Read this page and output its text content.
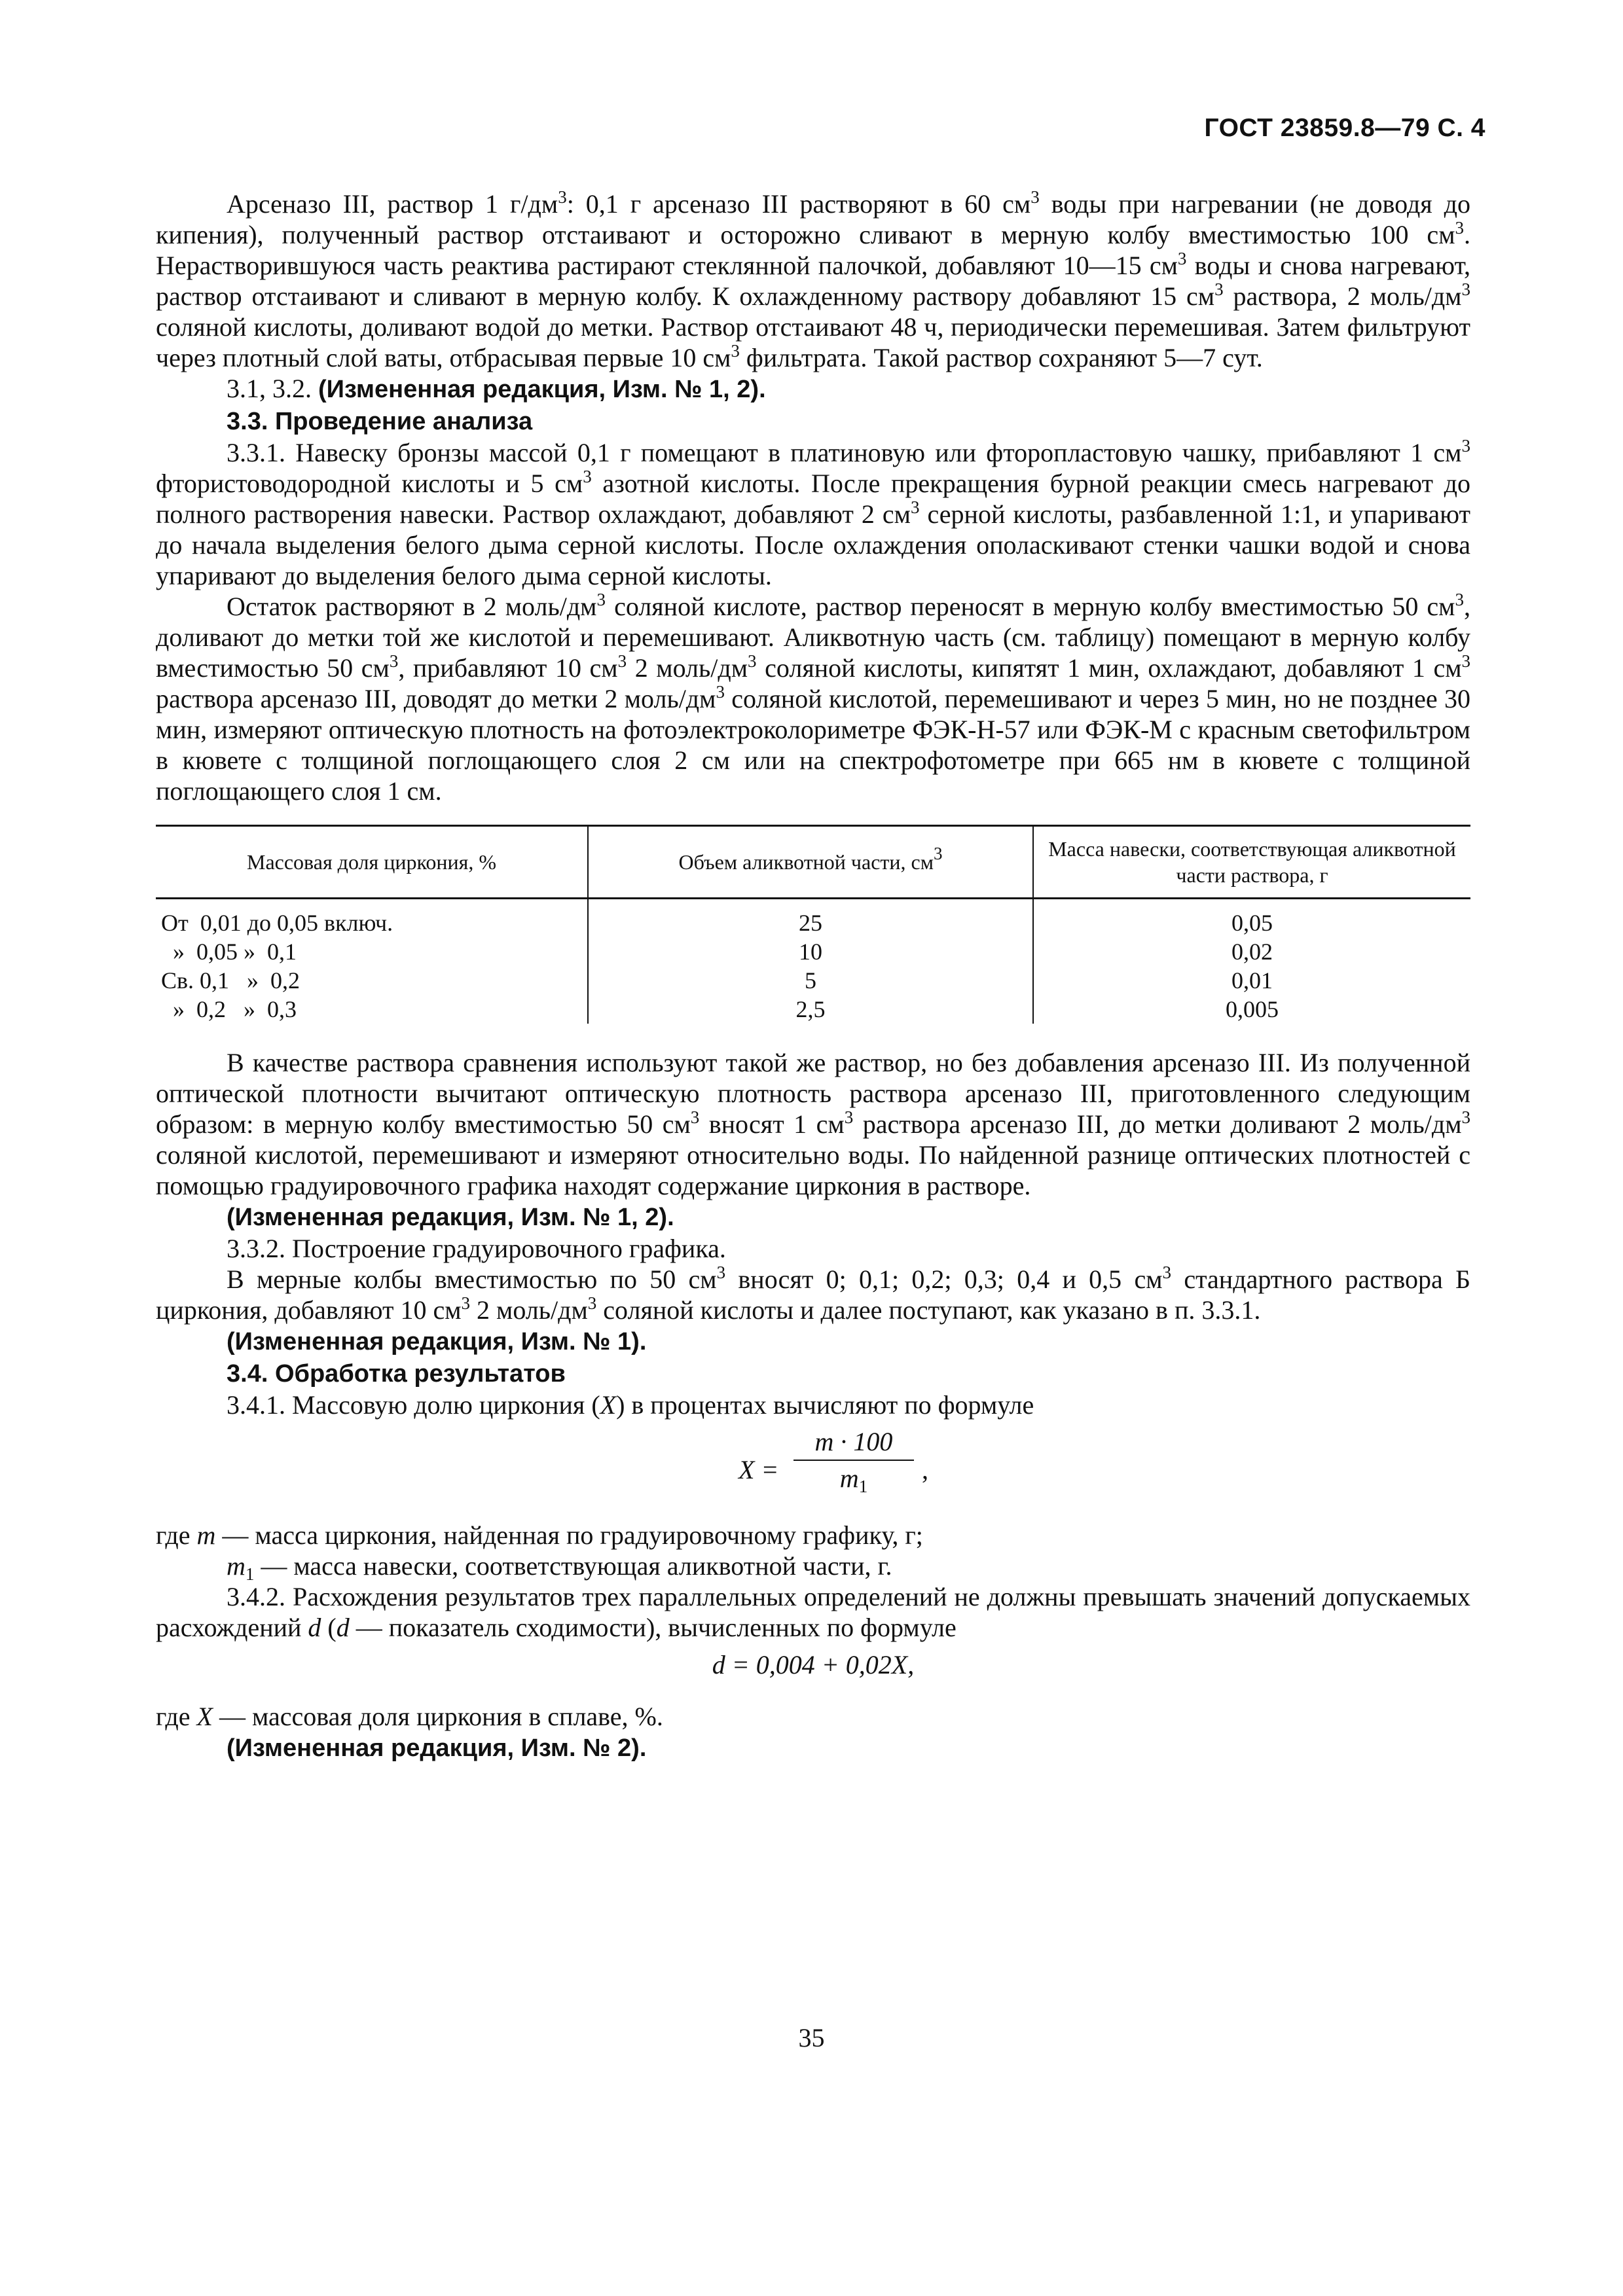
ГОСТ 23859.8—79 С. 4

Арсеназо III, раствор 1 $г/дм^3$: 0,1 г арсеназо III растворяют в 60 $см^3$ воды при нагревании (не доводя до кипения), полученный раствор отстаивают и осторожно сливают в мерную колбу вместимостью 100 $см^3$. Нерастворившуюся часть реактива растирают стеклянной палочкой, добавляют 10—15 $см^3$ воды и снова нагревают, раствор отстаивают и сливают в мерную колбу. К охлажденному раствору добавляют 15 $см^3$ раствора, 2 моль/$дм^3$ соляной кислоты, доливают водой до метки. Раствор отстаивают 48 ч, периодически перемешивая. Затем фильтруют через плотный слой ваты, отбрасывая первые 10 $см^3$ фильтрата. Такой раствор сохраняют 5—7 сут.

3.1, 3.2. (Измененная редакция, Изм. № 1, 2).

3.3. Проведение анализа

3.3.1. Навеску бронзы массой 0,1 г помещают в платиновую или фторопластовую чашку, прибавляют 1 $см^3$ фтористоводородной кислоты и 5 $см^3$ азотной кислоты. После прекращения бурной реакции смесь нагревают до полного растворения навески. Раствор охлаждают, добавляют 2 $см^3$ серной кислоты, разбавленной 1:1, и упаривают до начала выделения белого дыма серной кислоты. После охлаждения ополаскивают стенки чашки водой и снова упаривают до выделения белого дыма серной кислоты.

Остаток растворяют в 2 моль/$дм^3$ соляной кислоте, раствор переносят в мерную колбу вместимостью 50 $см^3$, доливают до метки той же кислотой и перемешивают. Аликвотную часть (см. таблицу) помещают в мерную колбу вместимостью 50 $см^3$, прибавляют 10 $см^3$ 2 моль/$дм^3$ соляной кислоты, кипятят 1 мин, охлаждают, добавляют 1 $см^3$ раствора арсеназо III, доводят до метки 2 моль/$дм^3$ соляной кислотой, перемешивают и через 5 мин, но не позднее 30 мин, измеряют оптическую плотность на фотоэлектроколориметре ФЭК-Н-57 или ФЭК-М с красным светофильтром в кювете с толщиной поглощающего слоя 2 см или на спектрофотометре при 665 нм в кювете с толщиной поглощающего слоя 1 см.

Массовая доля циркония, %	Объем аликвотной части, $см^3$	Масса навески, соответствующая аликвотной части раствора, г
От  0,01 до 0,05 включ.	25	0,05
»  0,05 »  0,1	10	0,02
Св. 0,1   »  0,2	5	0,01
»  0,2   »  0,3	2,5	0,005

В качестве раствора сравнения используют такой же раствор, но без добавления арсеназо III. Из полученной оптической плотности вычитают оптическую плотность раствора арсеназо III, приготовленного следующим образом: в мерную колбу вместимостью 50 $см^3$ вносят 1 $см^3$ раствора арсеназо III, до метки доливают 2 моль/$дм^3$ соляной кислотой, перемешивают и измеряют относительно воды. По найденной разнице оптических плотностей с помощью градуировочного графика находят содержание циркония в растворе.

(Измененная редакция, Изм. № 1, 2).

3.3.2. Построение градуировочного графика.

В мерные колбы вместимостью по 50 $см^3$ вносят 0; 0,1; 0,2; 0,3; 0,4 и 0,5 $см^3$ стандартного раствора Б циркония, добавляют 10 $см^3$ 2 моль/$дм^3$ соляной кислоты и далее поступают, как указано в п. 3.3.1.

(Измененная редакция, Изм. № 1).

3.4. Обработка результатов

3.4.1. Массовую долю циркония (X) в процентах вычисляют по формуле

X =
m · 100
$m_1$
,

где m — масса циркония, найденная по градуировочному графику, г;

$m_1$ — масса навески, соответствующая аликвотной части, г.

3.4.2. Расхождения результатов трех параллельных определений не должны превышать значений допускаемых расхождений d (d — показатель сходимости), вычисленных по формуле

d = 0,004 + 0,02X,

где X — массовая доля циркония в сплаве, %.

(Измененная редакция, Изм. № 2).

35
